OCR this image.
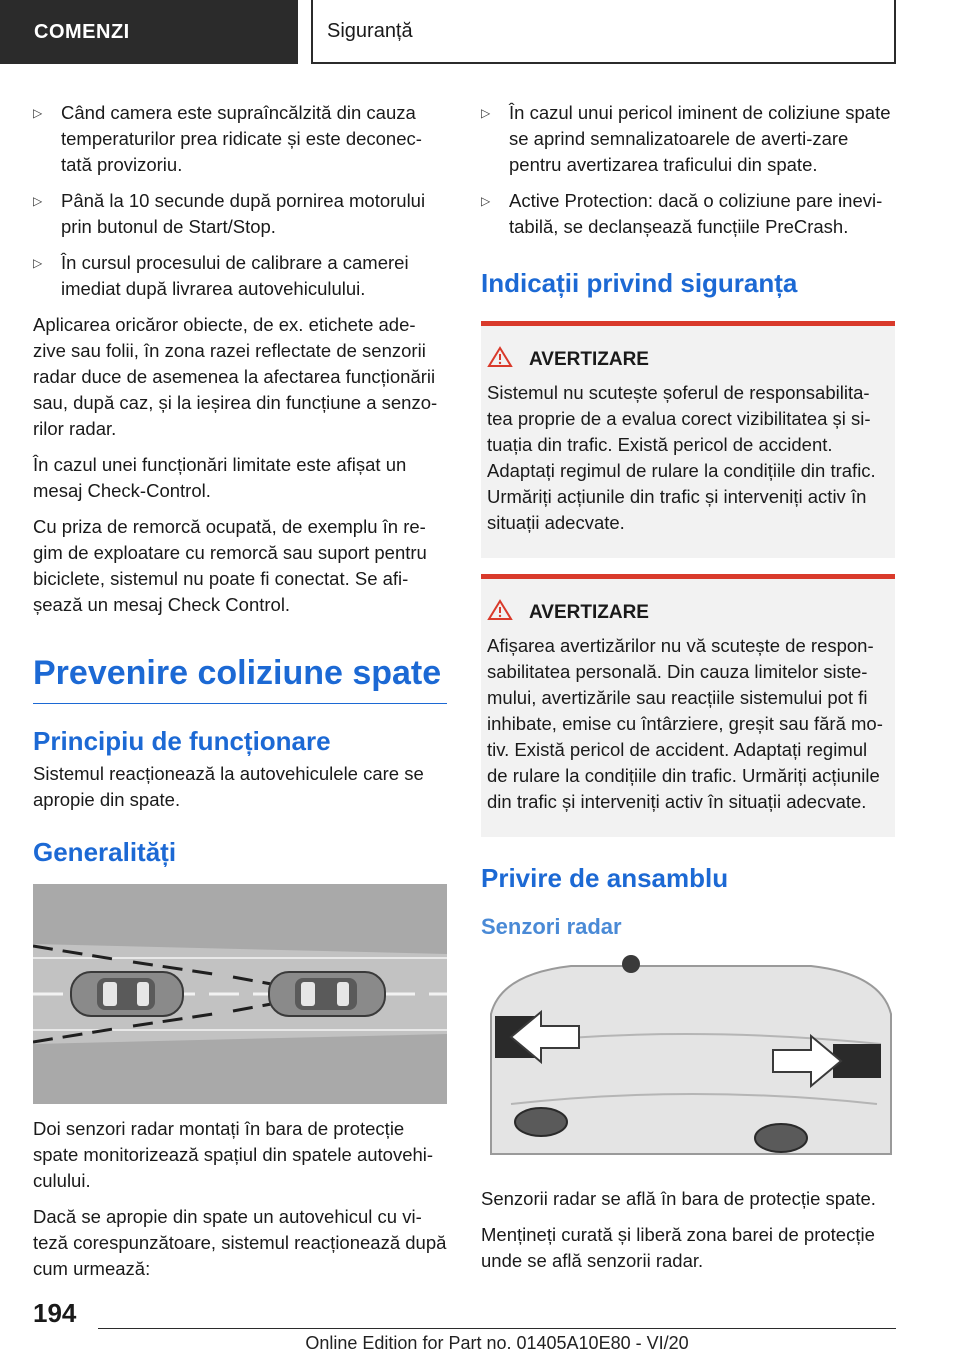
COMENZI	Siguranță
▷	Când camera este supraîncălzită din cauza temperaturilor prea ridicate și este deconec-tată provizoriu.
▷	Până la 10 secunde după pornirea motorului prin butonul de Start/Stop.
▷	În cursul procesului de calibrare a camerei imediat după livrarea autovehiculului.

Aplicarea oricăror obiecte, de ex. etichete ade-zive sau folii, în zona razei reflectate de senzorii radar duce de asemenea la afectarea funcționării sau, după caz, și la ieșirea din funcțiune a senzo-rilor radar.

În cazul unei funcționări limitate este afișat un mesaj Check-Control.

Cu priza de remorcă ocupată, de exemplu în re-gim de exploatare cu remorcă sau suport pentru biciclete, sistemul nu poate fi conectat. Se afi-șează un mesaj Check Control.

Prevenire coliziune spate
Principiu de funcționare

Sistemul reacționează la autovehiculele care se apropie din spate.

Generalități

Doi senzori radar montați în bara de protecție spate monitorizează spațiul din spatele autovehi-culului.

Dacă se apropie din spate un autovehicul cu vi-teză corespunzătoare, sistemul reacționează după cum urmează:

▷	În cazul unui pericol iminent de coliziune spate se aprind semnalizatoarele de averti-zare pentru avertizarea traficului din spate.
▷	Active Protection: dacă o coliziune pare inevi-tabilă, se declanșează funcțiile PreCrash.
Indicații privind siguranța
AVERTIZARE
Sistemul nu scutește șoferul de responsabilita-tea proprie de a evalua corect vizibilitatea și si-tuația din trafic. Există pericol de accident. Adaptați regimul de rulare la condițiile din trafic. Urmăriți acțiunile din trafic și interveniți activ în situații adecvate.
AVERTIZARE
Afișarea avertizărilor nu vă scutește de respon-sabilitatea personală. Din cauza limitelor siste-mului, avertizările sau reacțiile sistemului pot fi inhibate, emise cu întârziere, greșit sau fără mo-tiv. Există pericol de accident. Adaptați regimul de rulare la condițiile din trafic. Urmăriți acțiunile din trafic și interveniți activ în situații adecvate.
Privire de ansamblu
Senzori radar

Senzorii radar se află în bara de protecție spate.

Mențineți curată și liberă zona barei de protecție unde se află senzorii radar.

194
Online Edition for Part no. 01405A10E80 - VI/20
